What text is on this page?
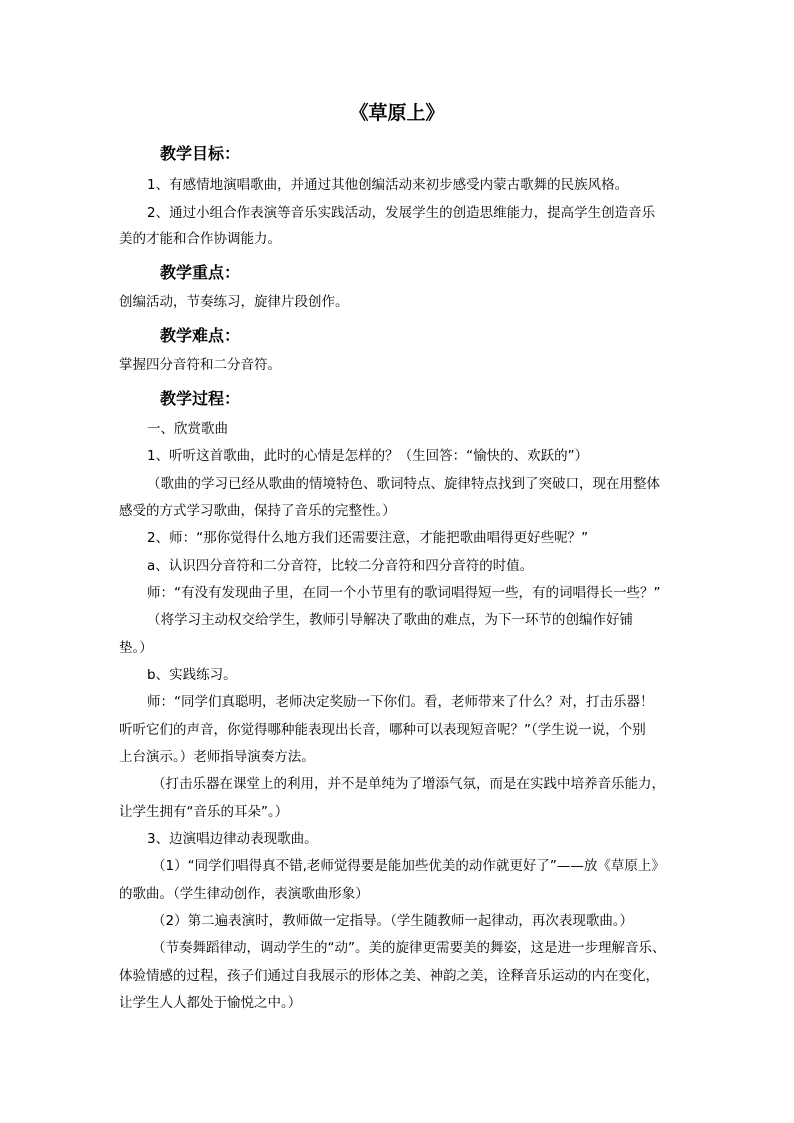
《草原上》
教学目标：
1、有感情地演唱歌曲，并通过其他创编活动来初步感受内蒙古歌舞的民族风格。
2、通过小组合作表演等音乐实践活动，发展学生的创造思维能力，提高学生创造音乐
美的才能和合作协调能力。
教学重点：
创编活动，节奏练习，旋律片段创作。
教学难点：
掌握四分音符和二分音符。
教学过程：
一、欣赏歌曲
1、听听这首歌曲，此时的心情是怎样的？（生回答：“愉快的、欢跃的”）
（歌曲的学习已经从歌曲的情境特色、歌词特点、旋律特点找到了突破口，现在用整体
感受的方式学习歌曲，保持了音乐的完整性。）
2、师：“那你觉得什么地方我们还需要注意，才能把歌曲唱得更好些呢？”
a、认识四分音符和二分音符，比较二分音符和四分音符的时值。
师：“有没有发现曲子里，在同一个小节里有的歌词唱得短一些，有的词唱得长一些？”
（将学习主动权交给学生，教师引导解决了歌曲的难点，为下一环节的创编作好铺
垫。）
b、实践练习。
师：“同学们真聪明，老师决定奖励一下你们。看，老师带来了什么？对，打击乐器！
听听它们的声音，你觉得哪种能表现出长音，哪种可以表现短音呢？”（学生说一说，个别
上台演示。）老师指导演奏方法。
（打击乐器在课堂上的利用，并不是单纯为了增添气氛，而是在实践中培养音乐能力，
让学生拥有“音乐的耳朵”。）
3、边演唱边律动表现歌曲。
（1）“同学们唱得真不错,老师觉得要是能加些优美的动作就更好了”——放《草原上》
的歌曲。（学生律动创作，表演歌曲形象）
（2）第二遍表演时，教师做一定指导。（学生随教师一起律动，再次表现歌曲。）
（节奏舞蹈律动，调动学生的“动”。美的旋律更需要美的舞姿，这是进一步理解音乐、
体验情感的过程，孩子们通过自我展示的形体之美、神韵之美，诠释音乐运动的内在变化，
让学生人人都处于愉悦之中。）
